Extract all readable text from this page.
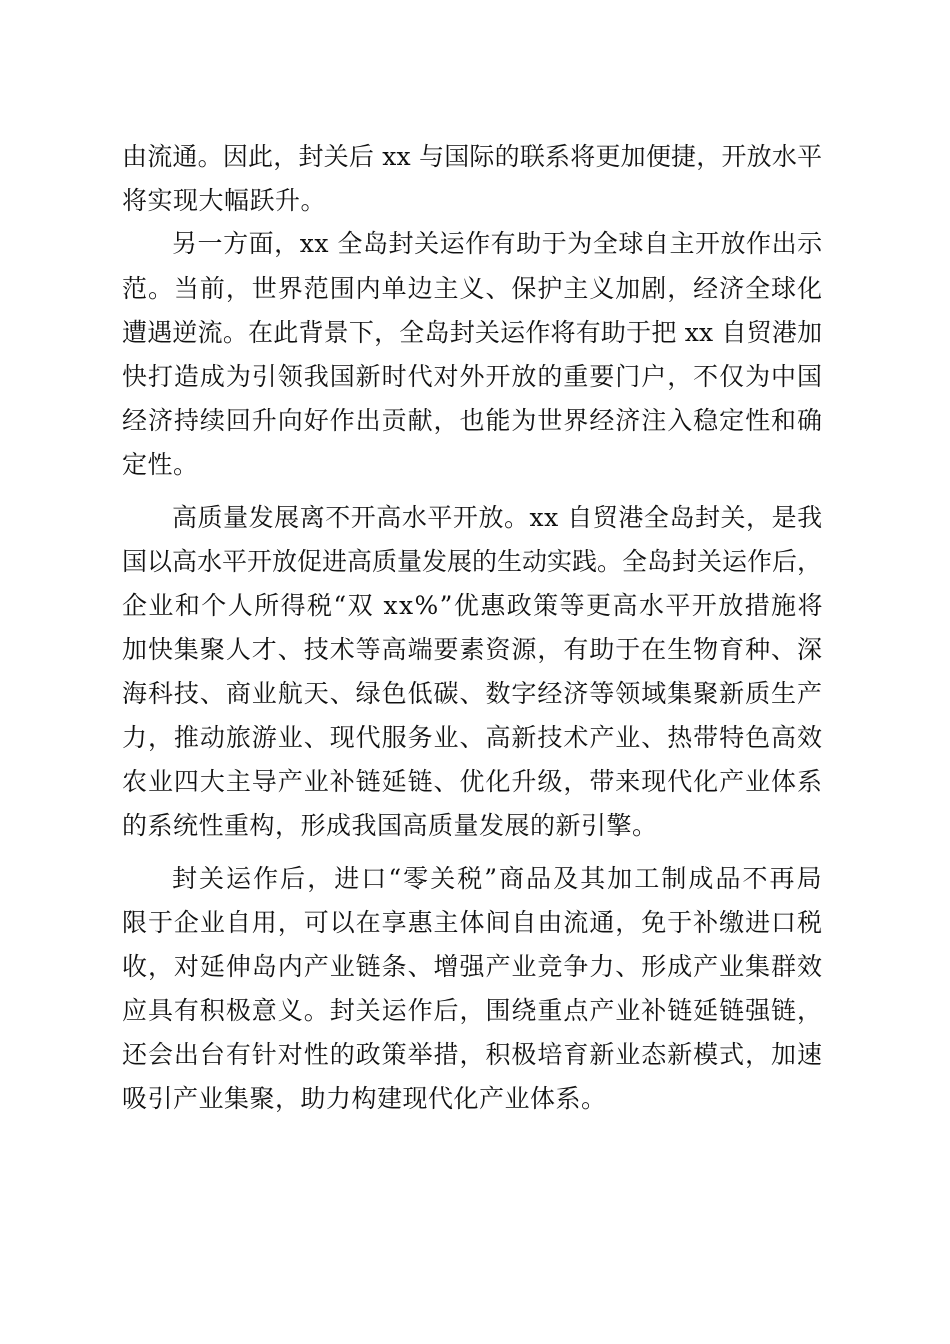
由流通。因此，封关后 xx 与国际的联系将更加便捷，开放水平
将实现大幅跃升。
另一方面，xx 全岛封关运作有助于为全球自主开放作出示
范。当前，世界范围内单边主义、保护主义加剧，经济全球化
遭遇逆流。在此背景下，全岛封关运作将有助于把 xx 自贸港加
快打造成为引领我国新时代对外开放的重要门户，不仅为中国
经济持续回升向好作出贡献，也能为世界经济注入稳定性和确
定性。
高质量发展离不开高水平开放。xx 自贸港全岛封关，是我
国以高水平开放促进高质量发展的生动实践。全岛封关运作后，
企业和个人所得税“双 xx%”优惠政策等更高水平开放措施将
加快集聚人才、技术等高端要素资源，有助于在生物育种、深
海科技、商业航天、绿色低碳、数字经济等领域集聚新质生产
力，推动旅游业、现代服务业、高新技术产业、热带特色高效
农业四大主导产业补链延链、优化升级，带来现代化产业体系
的系统性重构，形成我国高质量发展的新引擎。
封关运作后，进口“零关税”商品及其加工制成品不再局
限于企业自用，可以在享惠主体间自由流通，免于补缴进口税
收，对延伸岛内产业链条、增强产业竞争力、形成产业集群效
应具有积极意义。封关运作后，围绕重点产业补链延链强链，
还会出台有针对性的政策举措，积极培育新业态新模式，加速
吸引产业集聚，助力构建现代化产业体系。
